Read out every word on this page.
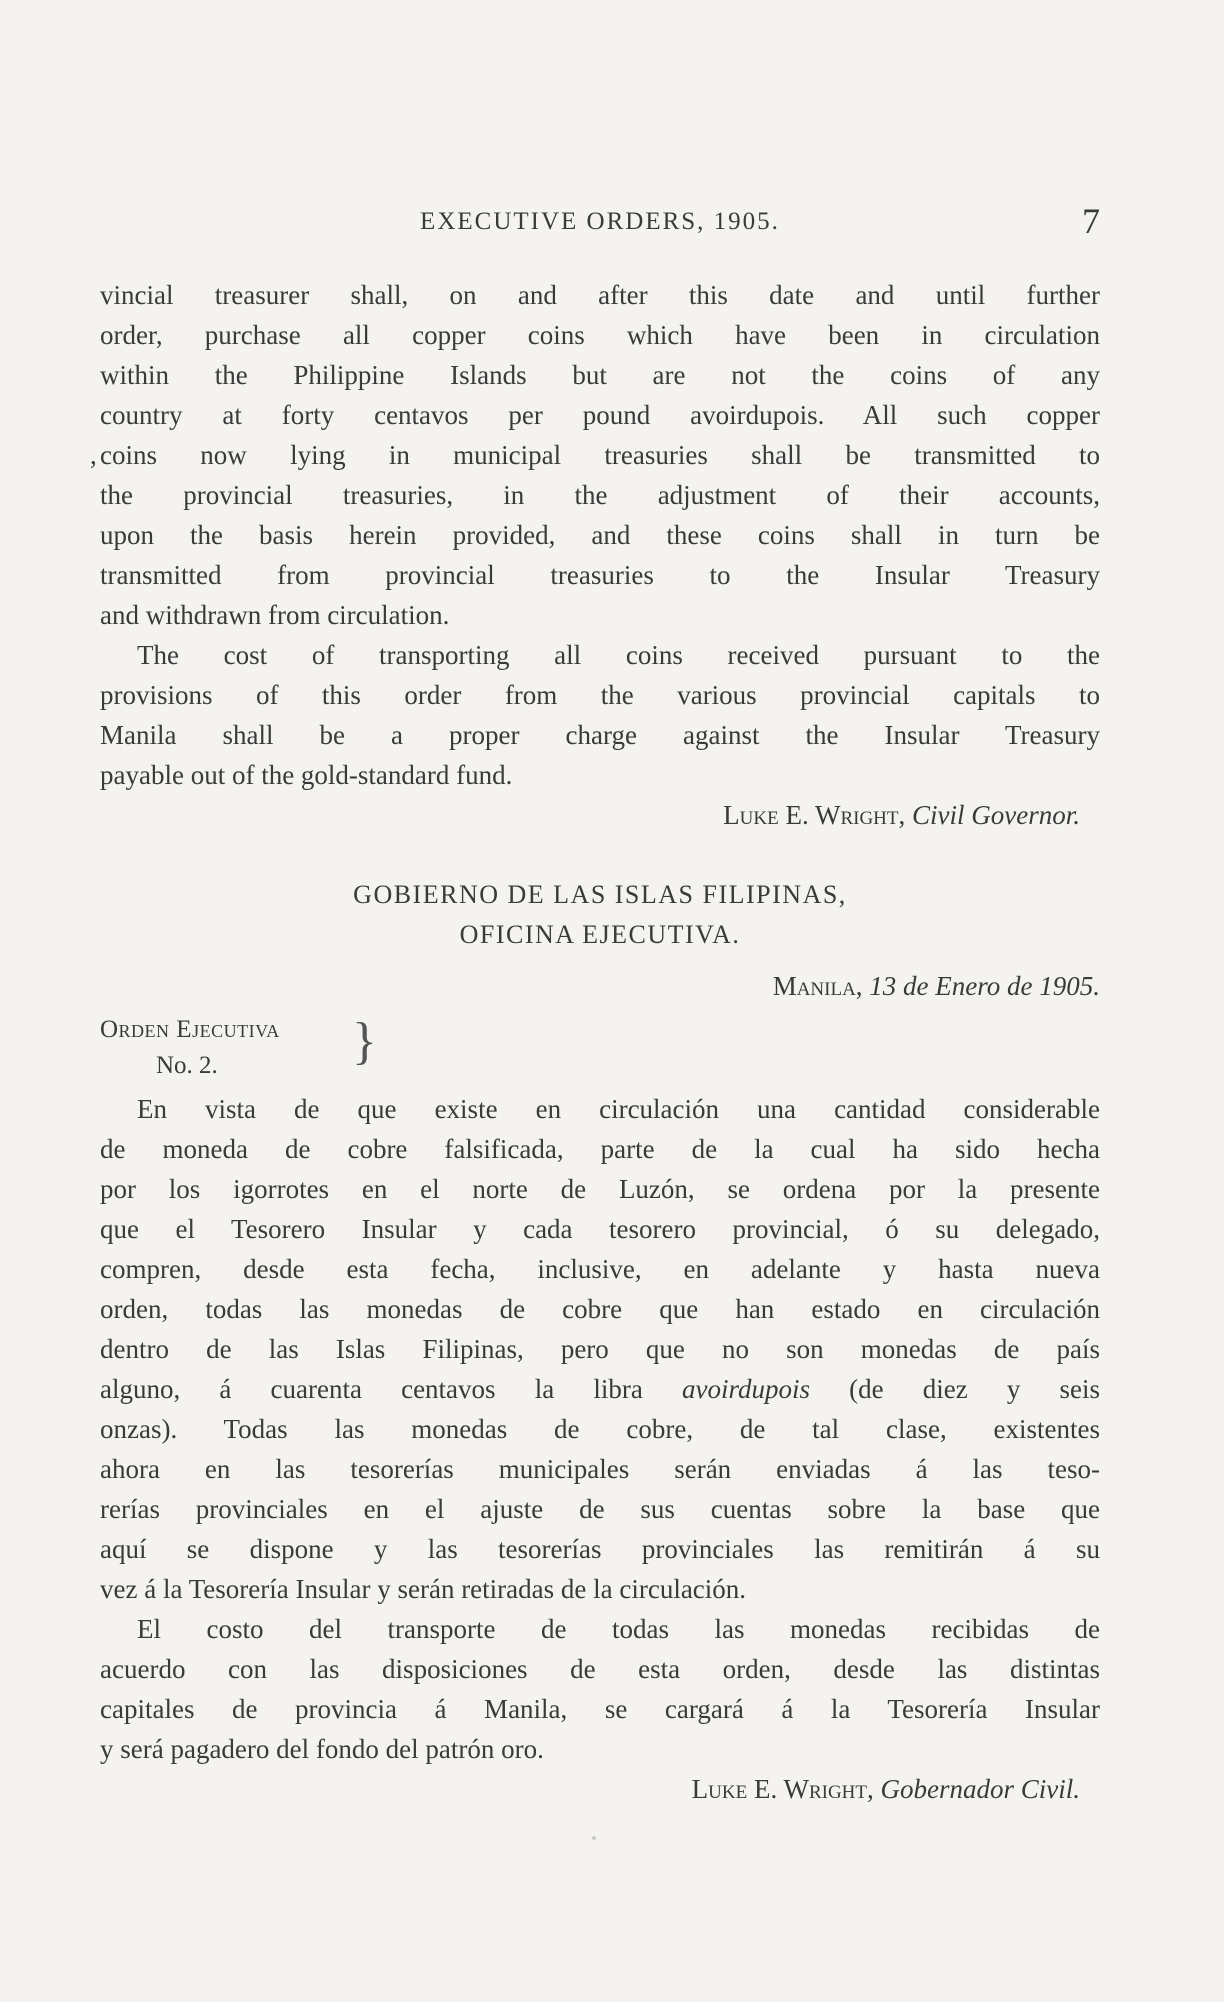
EXECUTIVE ORDERS, 1905.	7
vincial treasurer shall, on and after this date and until further
order, purchase all copper coins which have been in circulation
within the Philippine Islands but are not the coins of any
country at forty centavos per pound avoirdupois. All such copper
, coins now lying in municipal treasuries shall be transmitted to
the provincial treasuries, in the adjustment of their accounts,
upon the basis herein provided, and these coins shall in turn be
transmitted from provincial treasuries to the Insular Treasury
and withdrawn from circulation.
The cost of transporting all coins received pursuant to the
provisions of this order from the various provincial capitals to
Manila shall be a proper charge against the Insular Treasury
payable out of the gold-standard fund.
Luke E. Wright, Civil Governor.
GOBIERNO DE LAS ISLAS FILIPINAS,
OFICINA EJECUTIVA.
Manila, 13 de Enero de 1905.
Orden Ejecutiva
No. 2.	}
En vista de que existe en circulación una cantidad considerable
de moneda de cobre falsificada, parte de la cual ha sido hecha
por los igorrotes en el norte de Luzón, se ordena por la presente
que el Tesorero Insular y cada tesorero provincial, ó su delegado,
compren, desde esta fecha, inclusive, en adelante y hasta nueva
orden, todas las monedas de cobre que han estado en circulación
dentro de las Islas Filipinas, pero que no son monedas de país
alguno, á cuarenta centavos la libra avoirdupois (de diez y seis
onzas). Todas las monedas de cobre, de tal clase, existentes
ahora en las tesorerías municipales serán enviadas á las teso-
rerías provinciales en el ajuste de sus cuentas sobre la base que
aquí se dispone y las tesorerías provinciales las remitirán á su
vez á la Tesorería Insular y serán retiradas de la circulación.
El costo del transporte de todas las monedas recibidas de
acuerdo con las disposiciones de esta orden, desde las distintas
capitales de provincia á Manila, se cargará á la Tesorería Insular
y será pagadero del fondo del patrón oro.
Luke E. Wright, Gobernador Civil.
